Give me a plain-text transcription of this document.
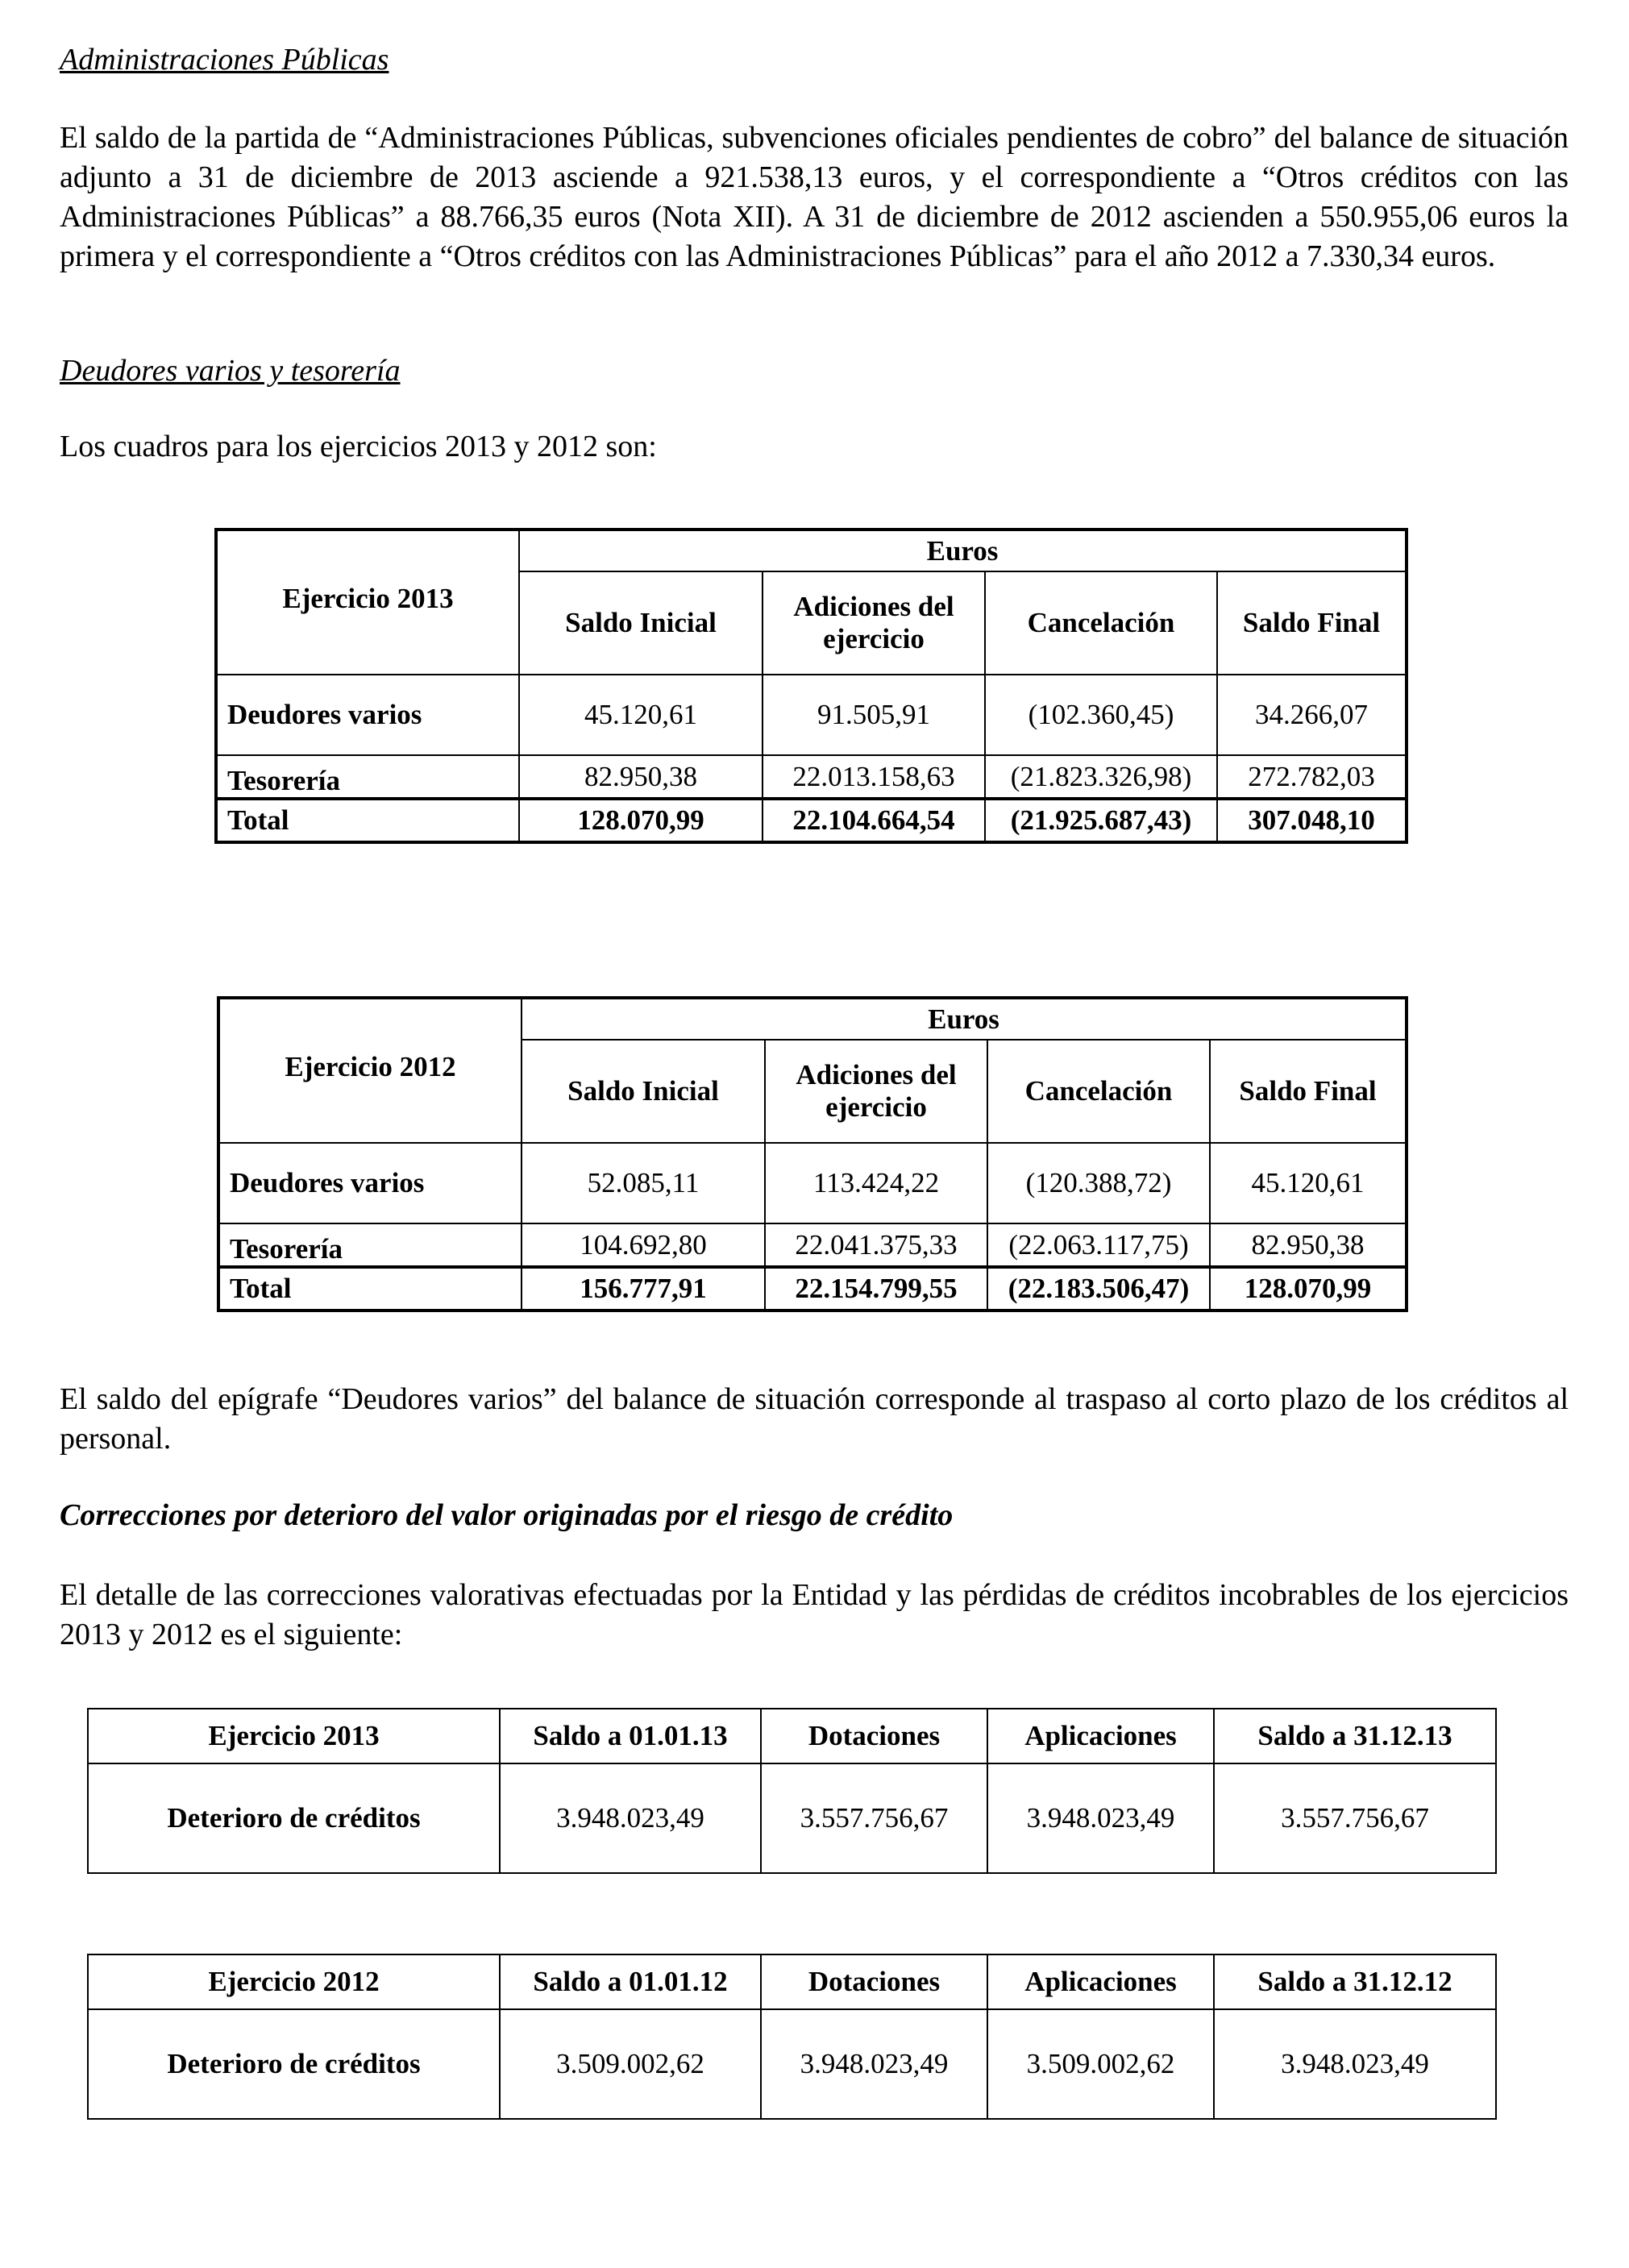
Administraciones Públicas

El saldo de la partida de “Administraciones Públicas, subvenciones oficiales pendientes de cobro” del balance de situación adjunto a 31 de diciembre de 2013 asciende a 921.538,13 euros, y el correspondiente a “Otros créditos con las Administraciones Públicas” a 88.766,35 euros (Nota XII). A 31 de diciembre de 2012 ascienden a 550.955,06 euros la primera y el correspondiente a “Otros créditos con las Administraciones Públicas” para el año 2012 a 7.330,34 euros.

Deudores varios y tesorería

Los cuadros para los ejercicios 2013 y 2012 son:

Ejercicio 2013	Euros			
	Saldo Inicial	Adiciones del ejercicio	Cancelación	Saldo Final
Deudores varios	45.120,61	91.505,91	(102.360,45)	34.266,07
Tesorería	82.950,38	22.013.158,63	(21.823.326,98)	272.782,03
Total	128.070,99	22.104.664,54	(21.925.687,43)	307.048,10
Ejercicio 2012	Euros			
	Saldo Inicial	Adiciones del ejercicio	Cancelación	Saldo Final
Deudores varios	52.085,11	113.424,22	(120.388,72)	45.120,61
Tesorería	104.692,80	22.041.375,33	(22.063.117,75)	82.950,38
Total	156.777,91	22.154.799,55	(22.183.506,47)	128.070,99

El saldo del epígrafe “Deudores varios” del balance de situación corresponde al traspaso al corto plazo de los créditos al personal.

Correcciones por deterioro del valor originadas por el riesgo de crédito

El detalle de las correcciones valorativas efectuadas por la Entidad y las pérdidas de créditos incobrables de los ejercicios 2013 y 2012 es el siguiente:

Ejercicio 2013	Saldo a 01.01.13	Dotaciones	Aplicaciones	Saldo a 31.12.13
Deterioro de créditos	3.948.023,49	3.557.756,67	3.948.023,49	3.557.756,67
Ejercicio 2012	Saldo a 01.01.12	Dotaciones	Aplicaciones	Saldo a 31.12.12
Deterioro de créditos	3.509.002,62	3.948.023,49	3.509.002,62	3.948.023,49
